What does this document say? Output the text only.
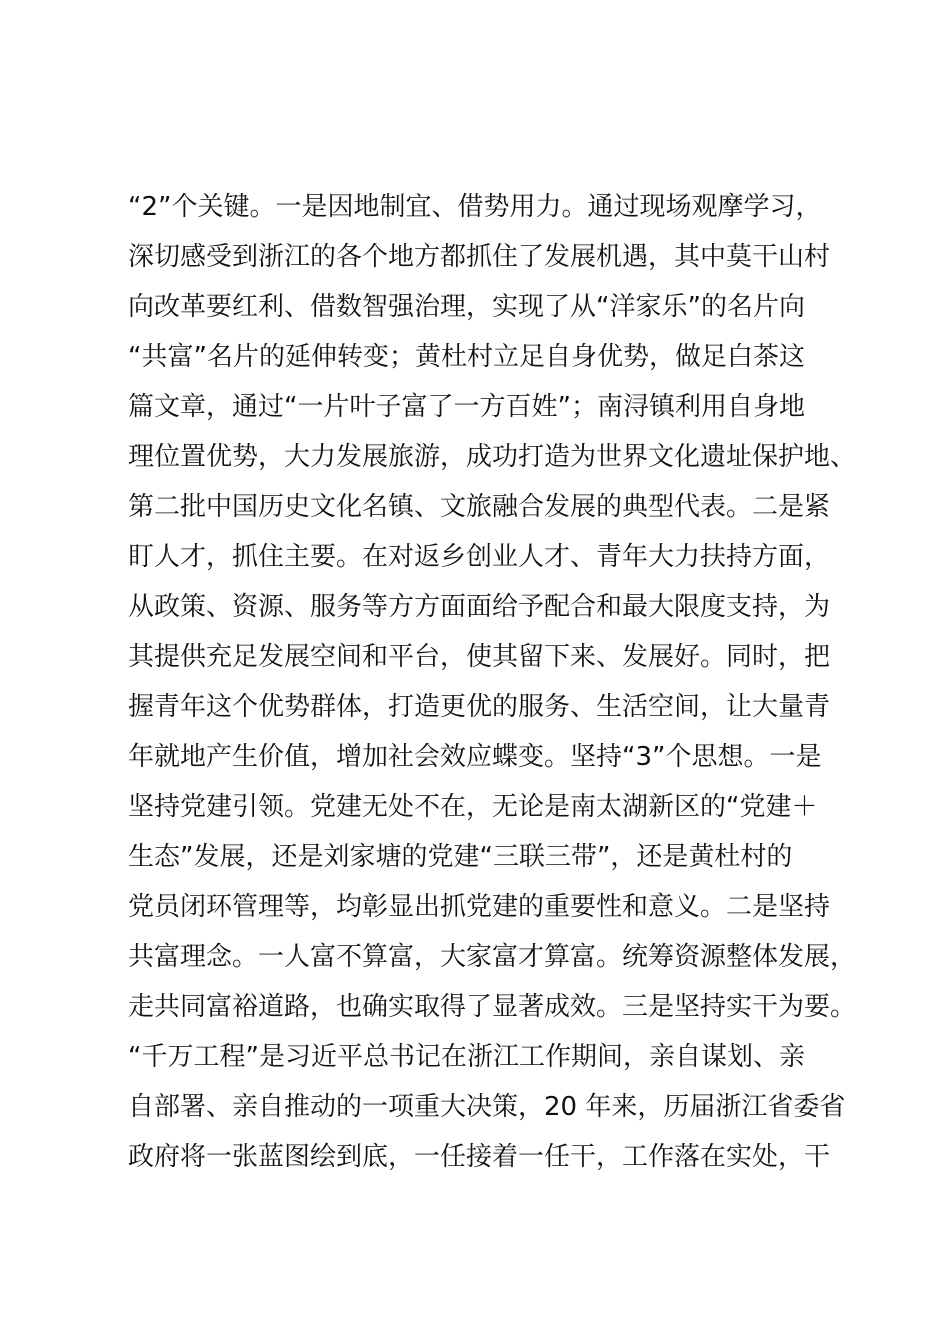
“2”个关键。一是因地制宜、借势用力。通过现场观摩学习，
深切感受到浙江的各个地方都抓住了发展机遇，其中莫干山村
向改革要红利、借数智强治理，实现了从“洋家乐”的名片向
“共富”名片的延伸转变；黄杜村立足自身优势，做足白茶这
篇文章，通过“一片叶子富了一方百姓”；南浔镇利用自身地
理位置优势，大力发展旅游，成功打造为世界文化遗址保护地、
第二批中国历史文化名镇、文旅融合发展的典型代表。二是紧
盯人才，抓住主要。在对返乡创业人才、青年大力扶持方面，
从政策、资源、服务等方方面面给予配合和最大限度支持，为
其提供充足发展空间和平台，使其留下来、发展好。同时，把
握青年这个优势群体，打造更优的服务、生活空间，让大量青
年就地产生价值，增加社会效应蝶变。坚持“3”个思想。一是
坚持党建引领。党建无处不在，无论是南太湖新区的“党建＋
生态”发展，还是刘家塘的党建“三联三带”，还是黄杜村的
党员闭环管理等，均彰显出抓党建的重要性和意义。二是坚持
共富理念。一人富不算富，大家富才算富。统筹资源整体发展，
走共同富裕道路，也确实取得了显著成效。三是坚持实干为要。
“千万工程”是习近平总书记在浙江工作期间，亲自谋划、亲
自部署、亲自推动的一项重大决策，20 年来，历届浙江省委省
政府将一张蓝图绘到底，一任接着一任干，工作落在实处，干
